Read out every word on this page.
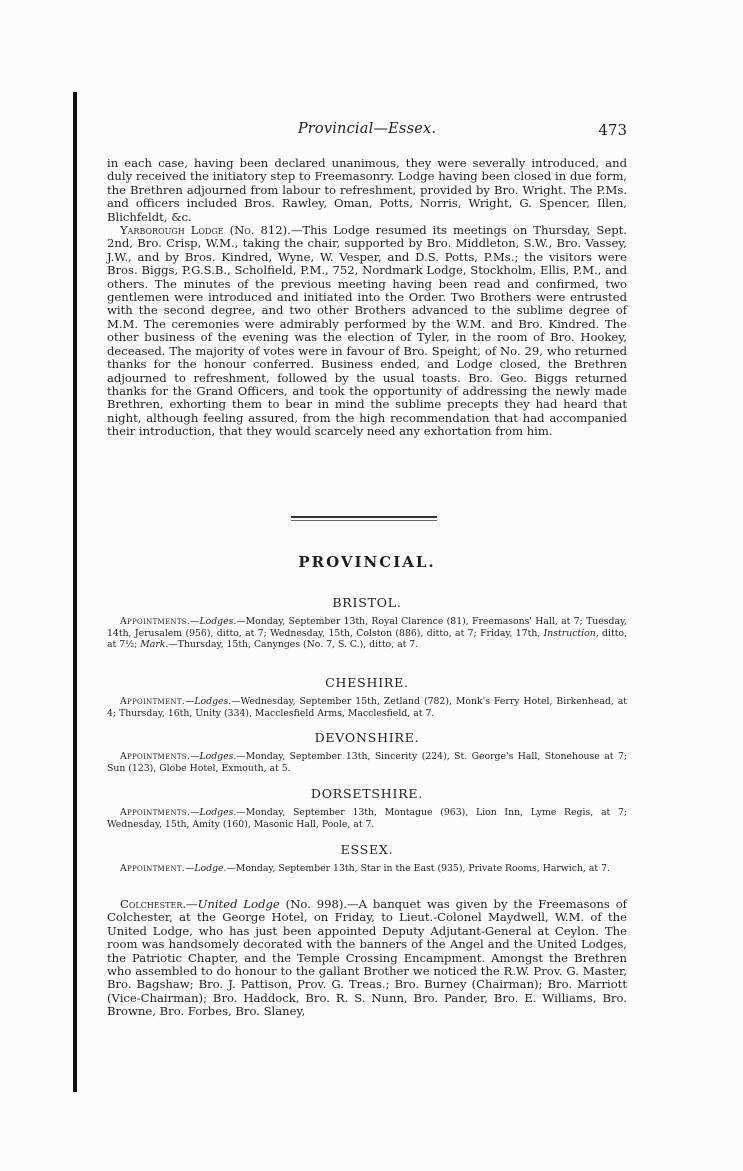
Provincial—Essex.	473

in each case, having been declared unanimous, they were severally introduced, and duly received the initiatory step to Freemasonry. Lodge having been closed in due form, the Brethren adjourned from labour to refreshment, provided by Bro. Wright. The P.Ms. and officers included Bros. Rawley, Oman, Potts, Norris, Wright, G. Spencer, Illen, Blichfeldt, &c.

Yarborough Lodge (No. 812).—This Lodge resumed its meetings on Thursday, Sept. 2nd, Bro. Crisp, W.M., taking the chair, supported by Bro. Middleton, S.W., Bro. Vassey, J.W., and by Bros. Kindred, Wyne, W. Vesper, and D.S. Potts, P.Ms.; the visitors were Bros. Biggs, P.G.S.B., Scholfield, P.M., 752, Nordmark Lodge, Stockholm, Ellis, P.M., and others. The minutes of the previous meeting having been read and confirmed, two gentlemen were introduced and initiated into the Order. Two Brothers were entrusted with the second degree, and two other Brothers advanced to the sublime degree of M.M. The ceremonies were admirably performed by the W.M. and Bro. Kindred. The other business of the evening was the election of Tyler, in the room of Bro. Hookey, deceased. The majority of votes were in favour of Bro. Speight, of No. 29, who returned thanks for the honour conferred. Business ended, and Lodge closed, the Brethren adjourned to refreshment, followed by the usual toasts. Bro. Geo. Biggs returned thanks for the Grand Officers, and took the opportunity of addressing the newly made Brethren, exhorting them to bear in mind the sublime precepts they had heard that night, although feeling assured, from the high recommendation that had accompanied their introduction, that they would scarcely need any exhortation from him.

PROVINCIAL.
BRISTOL.

Appointments.—Lodges.—Monday, September 13th, Royal Clarence (81), Freemasons' Hall, at 7; Tuesday, 14th, Jerusalem (956), ditto, at 7; Wednesday, 15th, Colston (886), ditto, at 7; Friday, 17th, Instruction, ditto, at 7½; Mark.—Thursday, 15th, Canynges (No. 7, S. C.), ditto, at 7.

CHESHIRE.

Appointment.—Lodges.—Wednesday, September 15th, Zetland (782), Monk's Ferry Hotel, Birkenhead, at 4; Thursday, 16th, Unity (334), Macclesfield Arms, Macclesfield, at 7.

DEVONSHIRE.

Appointments.—Lodges.—Monday, September 13th, Sincerity (224), St. George's Hall, Stonehouse at 7; Sun (123), Globe Hotel, Exmouth, at 5.

DORSETSHIRE.

Appointments.—Lodges.—Monday, September 13th, Montague (963), Lion Inn, Lyme Regis, at 7; Wednesday, 15th, Amity (160), Masonic Hall, Poole, at 7.

ESSEX.

Appointment.—Lodge.—Monday, September 13th, Star in the East (935), Private Rooms, Harwich, at 7.

Colchester.—United Lodge (No. 998).—A banquet was given by the Freemasons of Colchester, at the George Hotel, on Friday, to Lieut.-Colonel Maydwell, W.M. of the United Lodge, who has just been appointed Deputy Adjutant-General at Ceylon. The room was handsomely decorated with the banners of the Angel and the United Lodges, the Patriotic Chapter, and the Temple Crossing Encampment. Amongst the Brethren who assembled to do honour to the gallant Brother we noticed the R.W. Prov. G. Master, Bro. Bagshaw; Bro. J. Pattison, Prov. G. Treas.; Bro. Burney (Chairman); Bro. Marriott (Vice-Chairman); Bro. Haddock, Bro. R. S. Nunn, Bro. Pander, Bro. E. Williams, Bro. Browne, Bro. Forbes, Bro. Slaney,
